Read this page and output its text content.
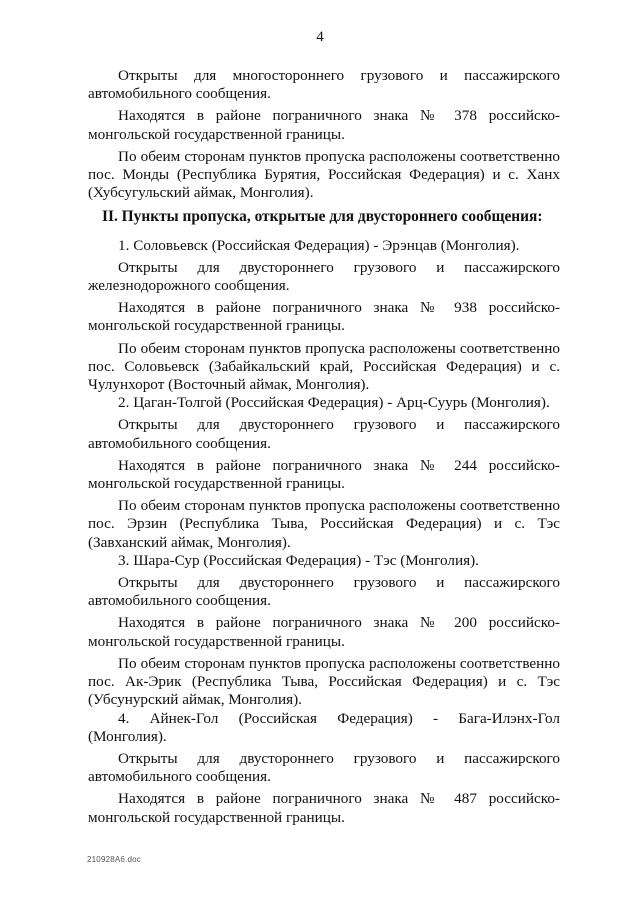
4

Открыты для многостороннего грузового и пассажирского автомобильного сообщения.

Находятся в районе пограничного знака № 378 российско-монгольской государственной границы.

По обеим сторонам пунктов пропуска расположены соответственно пос. Монды (Республика Бурятия, Российская Федерация) и с. Ханх (Хубсугульский аймак, Монголия).

II. Пункты пропуска, открытые для двустороннего сообщения:

1. Соловьевск (Российская Федерация) - Эрэнцав (Монголия).

Открыты для двустороннего грузового и пассажирского железнодорожного сообщения.

Находятся в районе пограничного знака № 938 российско-монгольской государственной границы.

По обеим сторонам пунктов пропуска расположены соответственно пос. Соловьевск (Забайкальский край, Российская Федерация) и с. Чулунхорот (Восточный аймак, Монголия).

2. Цаган-Толгой (Российская Федерация) - Арц-Суурь (Монголия).

Открыты для двустороннего грузового и пассажирского автомобильного сообщения.

Находятся в районе пограничного знака № 244 российско-монгольской государственной границы.

По обеим сторонам пунктов пропуска расположены соответственно пос. Эрзин (Республика Тыва, Российская Федерация) и с. Тэс (Завханский аймак, Монголия).

3. Шара-Сур (Российская Федерация) - Тэс (Монголия).

Открыты для двустороннего грузового и пассажирского автомобильного сообщения.

Находятся в районе пограничного знака № 200 российско-монгольской государственной границы.

По обеим сторонам пунктов пропуска расположены соответственно пос. Ак-Эрик (Республика Тыва, Российская Федерация) и с. Тэс (Убсунурский аймак, Монголия).

4. Айнек-Гол (Российская Федерация) - Бага-Илэнх-Гол (Монголия).

Открыты для двустороннего грузового и пассажирского автомобильного сообщения.

Находятся в районе пограничного знака № 487 российско-монгольской государственной границы.

210928A6.doc
